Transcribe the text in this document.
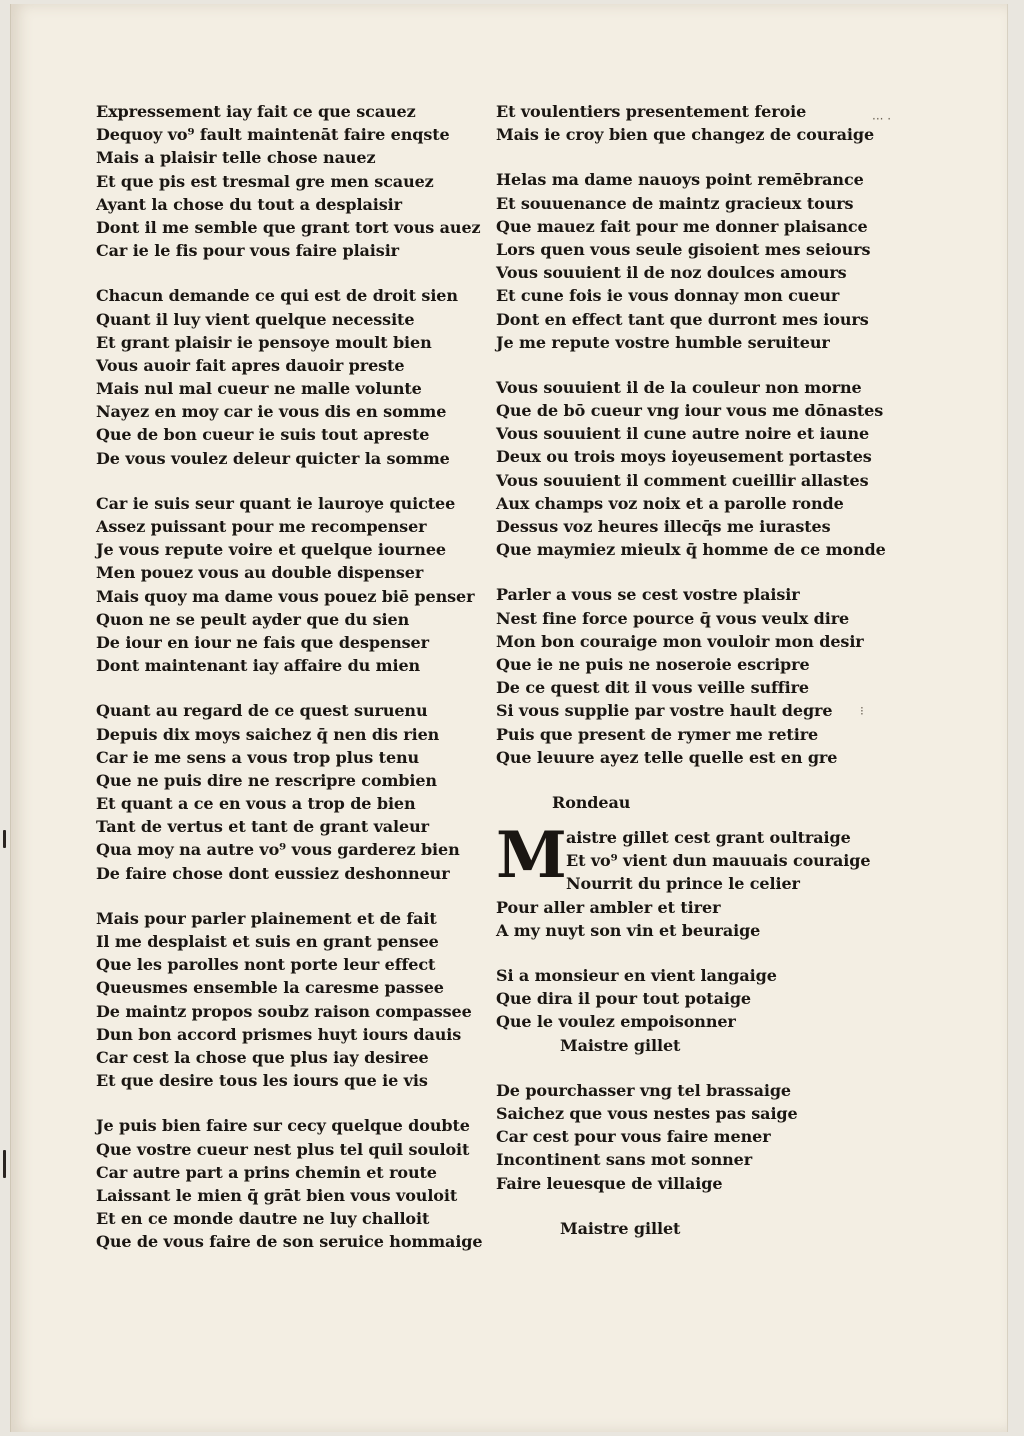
··· ·
⁝
Expressement iay fait ce que scauez
Dequoy vo⁹ fault maintenāt faire enqste
Mais a plaisir telle chose nauez
Et que pis est tresmal gre men scauez
Ayant la chose du tout a desplaisir
Dont il me semble que grant tort vous auez
Car ie le fis pour vous faire plaisir
Chacun demande ce qui est de droit sien
Quant il luy vient quelque necessite
Et grant plaisir ie pensoye moult bien
Vous auoir fait apres dauoir preste
Mais nul mal cueur ne malle volunte
Nayez en moy car ie vous dis en somme
Que de bon cueur ie suis tout apreste
De vous voulez deleur quicter la somme
Car ie suis seur quant ie lauroye quictee
Assez puissant pour me recompenser
Je vous repute voire et quelque iournee
Men pouez vous au double dispenser
Mais quoy ma dame vous pouez biē penser
Quon ne se peult ayder que du sien
De iour en iour ne fais que despenser
Dont maintenant iay affaire du mien
Quant au regard de ce quest suruenu
Depuis dix moys saichez q̄ nen dis rien
Car ie me sens a vous trop plus tenu
Que ne puis dire ne rescripre combien
Et quant a ce en vous a trop de bien
Tant de vertus et tant de grant valeur
Qua moy na autre vo⁹ vous garderez bien
De faire chose dont eussiez deshonneur
Mais pour parler plainement et de fait
Il me desplaist et suis en grant pensee
Que les parolles nont porte leur effect
Queusmes ensemble la caresme passee
De maintz propos soubz raison compassee
Dun bon accord prismes huyt iours dauis
Car cest la chose que plus iay desiree
Et que desire tous les iours que ie vis
Je puis bien faire sur cecy quelque doubte
Que vostre cueur nest plus tel quil souloit
Car autre part a prins chemin et route
Laissant le mien q̄ grāt bien vous vouloit
Et en ce monde dautre ne luy challoit
Que de vous faire de son seruice hommaige
Et voulentiers presentement feroie
Mais ie croy bien que changez de couraige
Helas ma dame nauoys point remēbrance
Et souuenance de maintz gracieux tours
Que mauez fait pour me donner plaisance
Lors quen vous seule gisoient mes seiours
Vous souuient il de noz doulces amours
Et cune fois ie vous donnay mon cueur
Dont en effect tant que durront mes iours
Je me repute vostre humble seruiteur
Vous souuient il de la couleur non morne
Que de bō cueur vng iour vous me dōnastes
Vous souuient il cune autre noire et iaune
Deux ou trois moys ioyeusement portastes
Vous souuient il comment cueillir allastes
Aux champs voz noix et a parolle ronde
Dessus voz heures illecq̄s me iurastes
Que maymiez mieulx q̄ homme de ce monde
Parler a vous se cest vostre plaisir
Nest fine force pource q̄ vous veulx dire
Mon bon couraige mon vouloir mon desir
Que ie ne puis ne noseroie escripre
De ce quest dit il vous veille suffire
Si vous supplie par vostre hault degre
Puis que present de rymer me retire
Que leuure ayez telle quelle est en gre
Rondeau
M aistre gillet cest grant oultraige
Et vo⁹ vient dun mauuais couraige
Nourrit du prince le celier
Pour aller ambler et tirer
A my nuyt son vin et beuraige
Si a monsieur en vient langaige
Que dira il pour tout potaige
Que le voulez empoisonner
Maistre gillet
De pourchasser vng tel brassaige
Saichez que vous nestes pas saige
Car cest pour vous faire mener
Incontinent sans mot sonner
Faire leuesque de villaige
Maistre gillet
